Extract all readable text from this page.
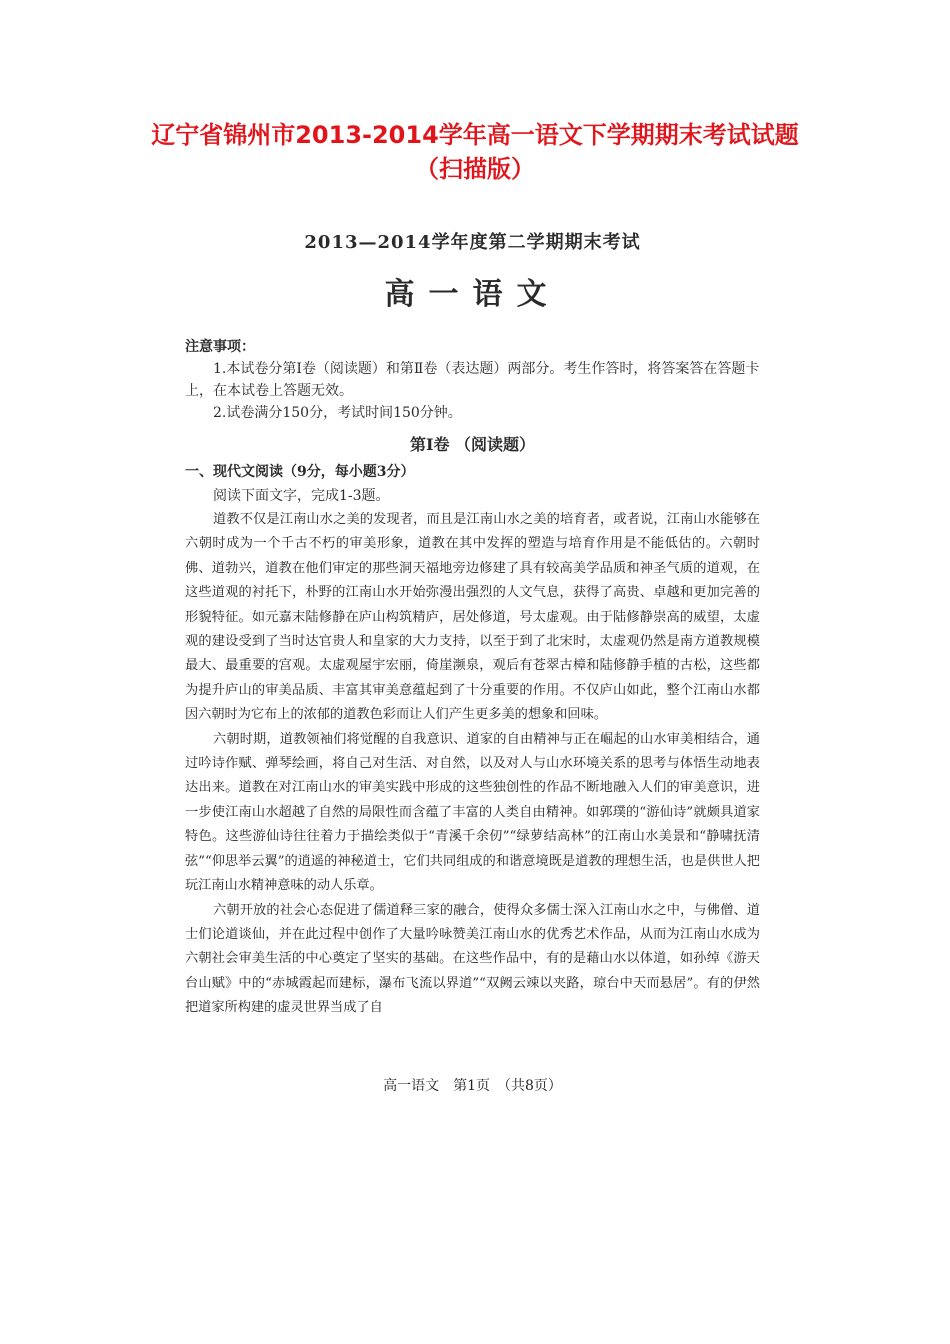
辽宁省锦州市2013-2014学年高一语文下学期期末考试试题（扫描版）
2013—2014学年度第二学期期末考试
高一语文
注意事项：
1.本试卷分第Ⅰ卷（阅读题）和第Ⅱ卷（表达题）两部分。考生作答时，将答案答在答题卡上，在本试卷上答题无效。
2.试卷满分150分，考试时间150分钟。
第Ⅰ卷 （阅读题）
一、现代文阅读（9分，每小题3分）
阅读下面文字，完成1-3题。

道教不仅是江南山水之美的发现者，而且是江南山水之美的培育者，或者说，江南山水能够在六朝时成为一个千古不朽的审美形象，道教在其中发挥的塑造与培育作用是不能低估的。六朝时佛、道勃兴，道教在他们审定的那些洞天福地旁边修建了具有较高美学品质和神圣气质的道观，在这些道观的衬托下，朴野的江南山水开始弥漫出强烈的人文气息，获得了高贵、卓越和更加完善的形貌特征。如元嘉末陆修静在庐山构筑精庐，居处修道，号太虚观。由于陆修静崇高的威望，太虚观的建设受到了当时达官贵人和皇家的大力支持，以至于到了北宋时，太虚观仍然是南方道教规模最大、最重要的宫观。太虚观屋宇宏丽，倚崖濒泉，观后有苍翠古樟和陆修静手植的古松，这些都为提升庐山的审美品质、丰富其审美意蕴起到了十分重要的作用。不仅庐山如此，整个江南山水都因六朝时为它布上的浓郁的道教色彩而让人们产生更多美的想象和回味。

六朝时期，道教领袖们将觉醒的自我意识、道家的自由精神与正在崛起的山水审美相结合，通过吟诗作赋、弹琴绘画，将自己对生活、对自然，以及对人与山水环境关系的思考与体悟生动地表达出来。道教在对江南山水的审美实践中形成的这些独创性的作品不断地融入人们的审美意识，进一步使江南山水超越了自然的局限性而含蕴了丰富的人类自由精神。如郭璞的“游仙诗”就颇具道家特色。这些游仙诗往往着力于描绘类似于“青溪千余仞”“绿萝结高林”的江南山水美景和“静啸抚清弦”“仰思举云翼”的逍遥的神秘道士，它们共同组成的和谐意境既是道教的理想生活，也是供世人把玩江南山水精神意味的动人乐章。

六朝开放的社会心态促进了儒道释三家的融合，使得众多儒士深入江南山水之中，与佛僧、道士们论道谈仙，并在此过程中创作了大量吟咏赞美江南山水的优秀艺术作品，从而为江南山水成为六朝社会审美生活的中心奠定了坚实的基础。在这些作品中，有的是藉山水以体道，如孙绰《游天台山赋》中的“赤城霞起而建标，瀑布飞流以界道”“双阙云竦以夹路，琼台中天而悬居”。有的伊然把道家所构建的虚灵世界当成了自

高一语文　第1页　（共8页）
